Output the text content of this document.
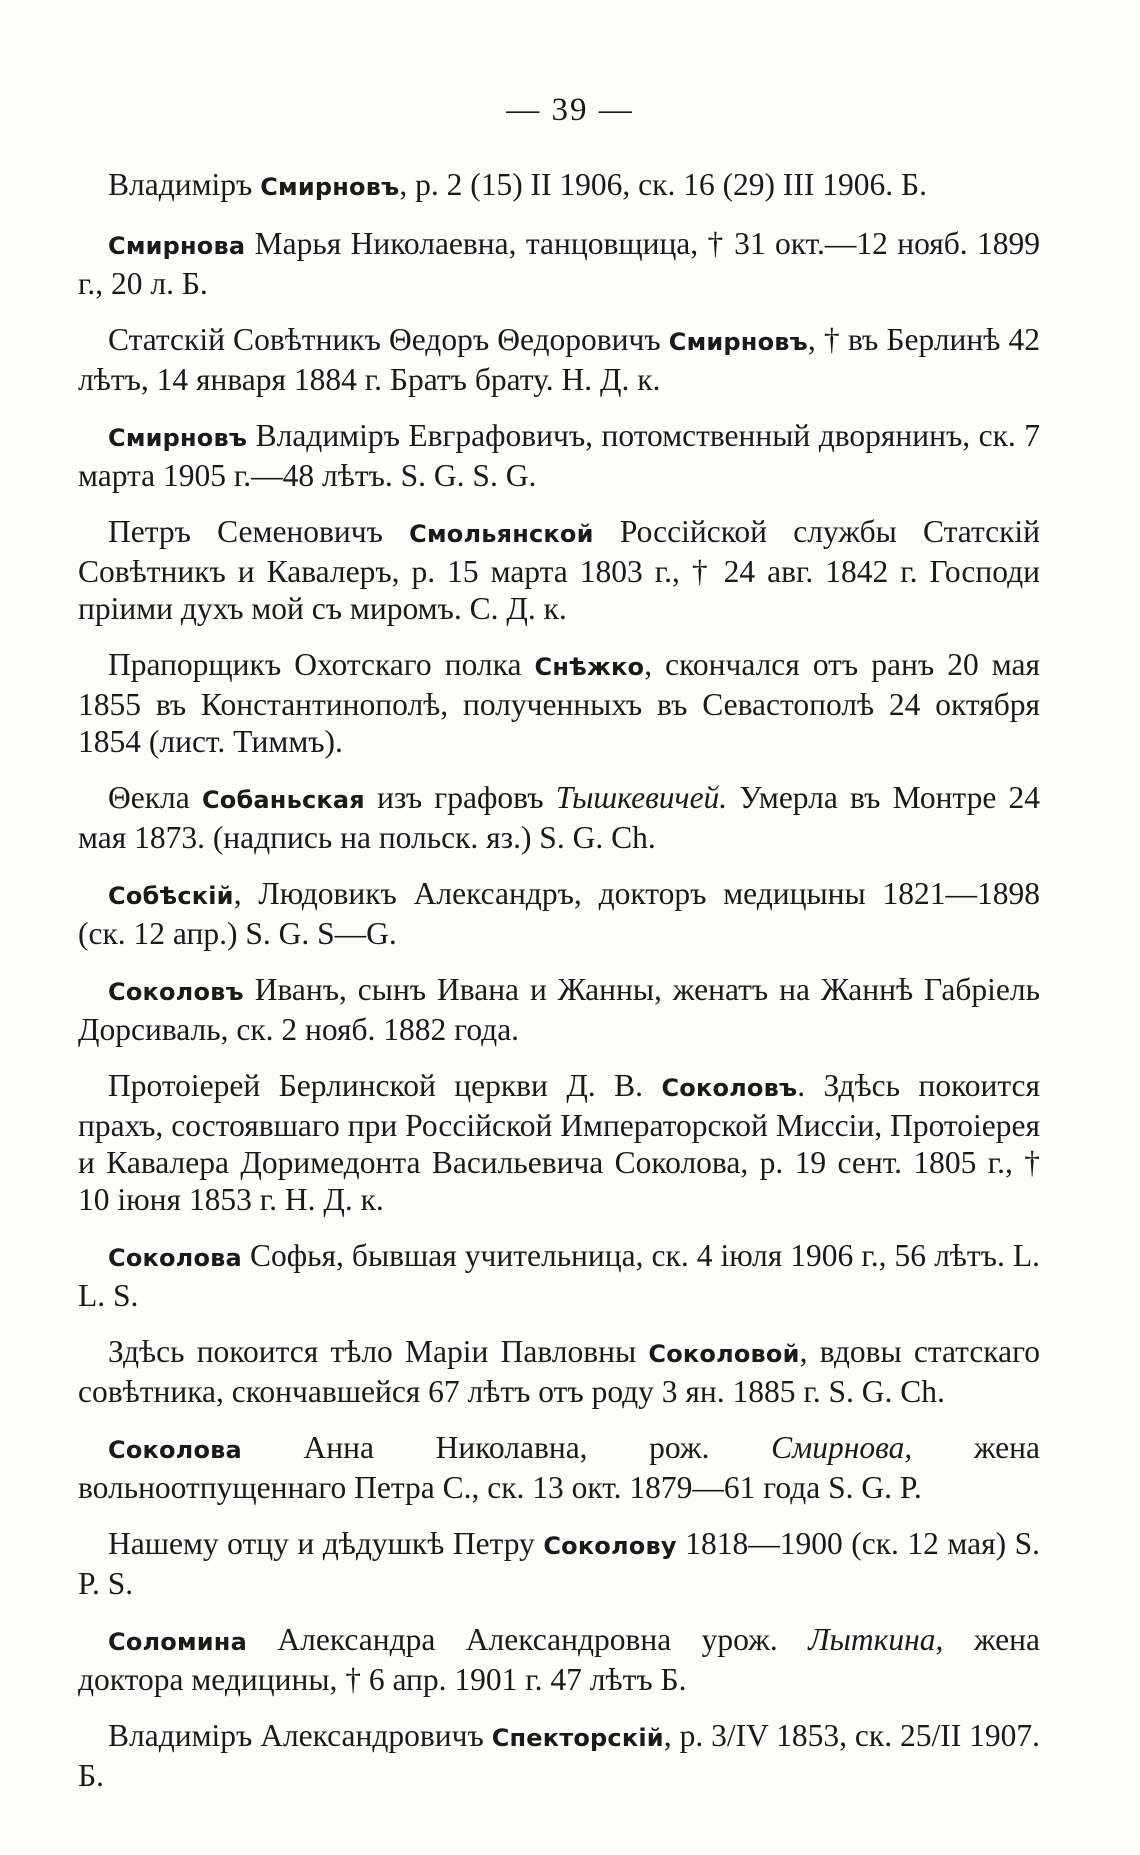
— 39 —

Владимiръ Смирновъ, р. 2 (15) II 1906, ск. 16 (29) III 1906. Б.

Смирнова Марья Николаевна, танцовщица, † 31 окт.—12 нояб. 1899 г., 20 л. Б.

Статскiй Совѣтникъ Θедоръ Θедоровичъ Смирновъ, † въ Берлинѣ 42 лѣтъ, 14 января 1884 г. Братъ брату. Н. Д. к.

Смирновъ Владимiръ Евграфовичъ, потомственный дворянинъ, ск. 7 марта 1905 г.—48 лѣтъ. S. G. S. G.

Петръ Семеновичъ Смольянской Россiйской службы Статскiй Совѣтникъ и Кавалеръ, р. 15 марта 1803 г., † 24 авг. 1842 г. Господи прiими духъ мой съ миромъ. С. Д. к.

Прапорщикъ Охотскаго полка Снѣжко, скончался отъ ранъ 20 мая 1855 въ Константинополѣ, полученныхъ въ Севастополѣ 24 октября 1854 (лист. Тиммъ).

Θекла Собаньская изъ графовъ Тышкевичей. Умерла въ Монтре 24 мая 1873. (надпись на польск. яз.) S. G. Ch.

Собѣскiй, Людовикъ Александръ, докторъ медицыны 1821—1898 (ск. 12 апр.) S. G. S—G.

Соколовъ Иванъ, сынъ Ивана и Жанны, женатъ на Жаннѣ Габрiель Дорсиваль, ск. 2 нояб. 1882 года.

Протоiерей Берлинской церкви Д. В. Соколовъ. Здѣсь покоится прахъ, состоявшаго при Россiйской Императорской Миссiи, Протоiерея и Кавалера Доримедонта Васильевича Соколова, р. 19 сент. 1805 г., † 10 iюня 1853 г. Н. Д. к.

Соколова Софья, бывшая учительница, ск. 4 iюля 1906 г., 56 лѣтъ. L. L. S.

Здѣсь покоится тѣло Марiи Павловны Соколовой, вдовы статскаго совѣтника, скончавшейся 67 лѣтъ отъ роду 3 ян. 1885 г. S. G. Ch.

Соколова Анна Николавна, рож. Смирнова, жена вольноотпущеннаго Петра С., ск. 13 окт. 1879—61 года S. G. P.

Нашему отцу и дѣдушкѣ Петру Соколову 1818—1900 (ск. 12 мая) S. P. S.

Соломина Александра Александровна урож. Лыткина, жена доктора медицины, † 6 апр. 1901 г. 47 лѣтъ Б.

Владимiръ Александровичъ Спекторскiй, р. 3/IV 1853, ск. 25/II 1907. Б.
